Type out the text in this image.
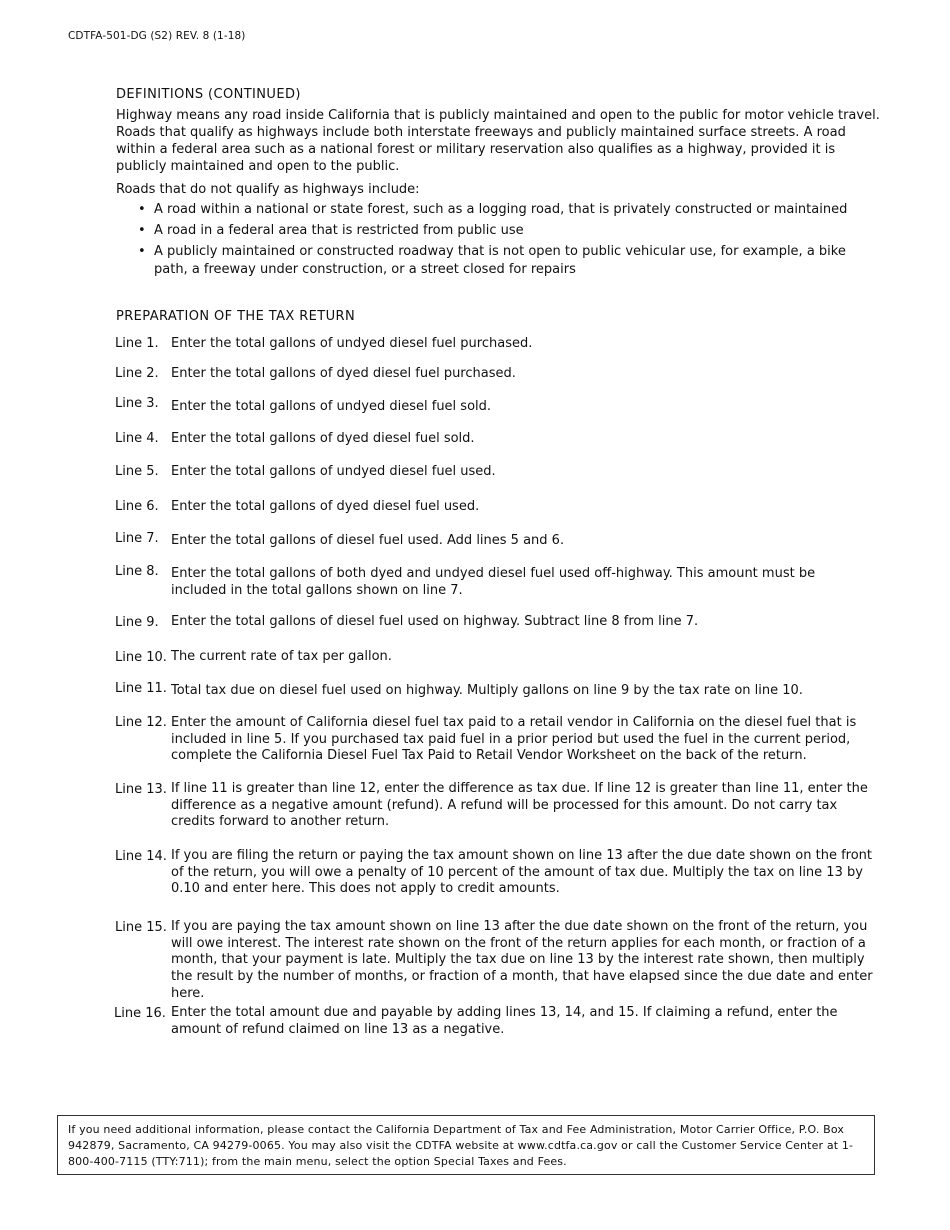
CDTFA-501-DG (S2) REV. 8 (1-18)
DEFINITIONS (CONTINUED)

Highway means any road inside California that is publicly maintained and open to the public for motor vehicle travel. Roads that qualify as highways include both interstate freeways and publicly maintained surface streets. A road within a federal area such as a national forest or military reservation also qualifies as a highway, provided it is publicly maintained and open to the public.

Roads that do not qualify as highways include:

• A road within a national or state forest, such as a logging road, that is privately constructed or maintained
• A road in a federal area that is restricted from public use
• A publicly maintained or constructed roadway that is not open to public vehicular use, for example, a bike path, a freeway under construction, or a street closed for repairs
PREPARATION OF THE TAX RETURN
Line 1. Enter the total gallons of undyed diesel fuel purchased.
Line 2. Enter the total gallons of dyed diesel fuel purchased.
Line 3. Enter the total gallons of undyed diesel fuel sold.
Line 4. Enter the total gallons of dyed diesel fuel sold.
Line 5. Enter the total gallons of undyed diesel fuel used.
Line 6. Enter the total gallons of dyed diesel fuel used.
Line 7. Enter the total gallons of diesel fuel used. Add lines 5 and 6.
Line 8. Enter the total gallons of both dyed and undyed diesel fuel used off-highway. This amount must be included in the total gallons shown on line 7.
Line 9. Enter the total gallons of diesel fuel used on highway. Subtract line 8 from line 7.
Line 10. The current rate of tax per gallon.
Line 11. Total tax due on diesel fuel used on highway. Multiply gallons on line 9 by the tax rate on line 10.
Line 12. Enter the amount of California diesel fuel tax paid to a retail vendor in California on the diesel fuel that is included in line 5. If you purchased tax paid fuel in a prior period but used the fuel in the current period, complete the California Diesel Fuel Tax Paid to Retail Vendor Worksheet on the back of the return.
Line 13. If line 11 is greater than line 12, enter the difference as tax due. If line 12 is greater than line 11, enter the difference as a negative amount (refund). A refund will be processed for this amount. Do not carry tax credits forward to another return.
Line 14. If you are filing the return or paying the tax amount shown on line 13 after the due date shown on the front of the return, you will owe a penalty of 10 percent of the amount of tax due. Multiply the tax on line 13 by 0.10 and enter here. This does not apply to credit amounts.
Line 15. If you are paying the tax amount shown on line 13 after the due date shown on the front of the return, you will owe interest. The interest rate shown on the front of the return applies for each month, or fraction of a month, that your payment is late. Multiply the tax due on line 13 by the interest rate shown, then multiply the result by the number of months, or fraction of a month, that have elapsed since the due date and enter here.
Line 16. Enter the total amount due and payable by adding lines 13, 14, and 15. If claiming a refund, enter the amount of refund claimed on line 13 as a negative.
If you need additional information, please contact the California Department of Tax and Fee Administration, Motor Carrier Office, P.O. Box 942879, Sacramento, CA 94279-0065. You may also visit the CDTFA website at www.cdtfa.ca.gov or call the Customer Service Center at 1-800-400-7115 (TTY:711); from the main menu, select the option Special Taxes and Fees.
